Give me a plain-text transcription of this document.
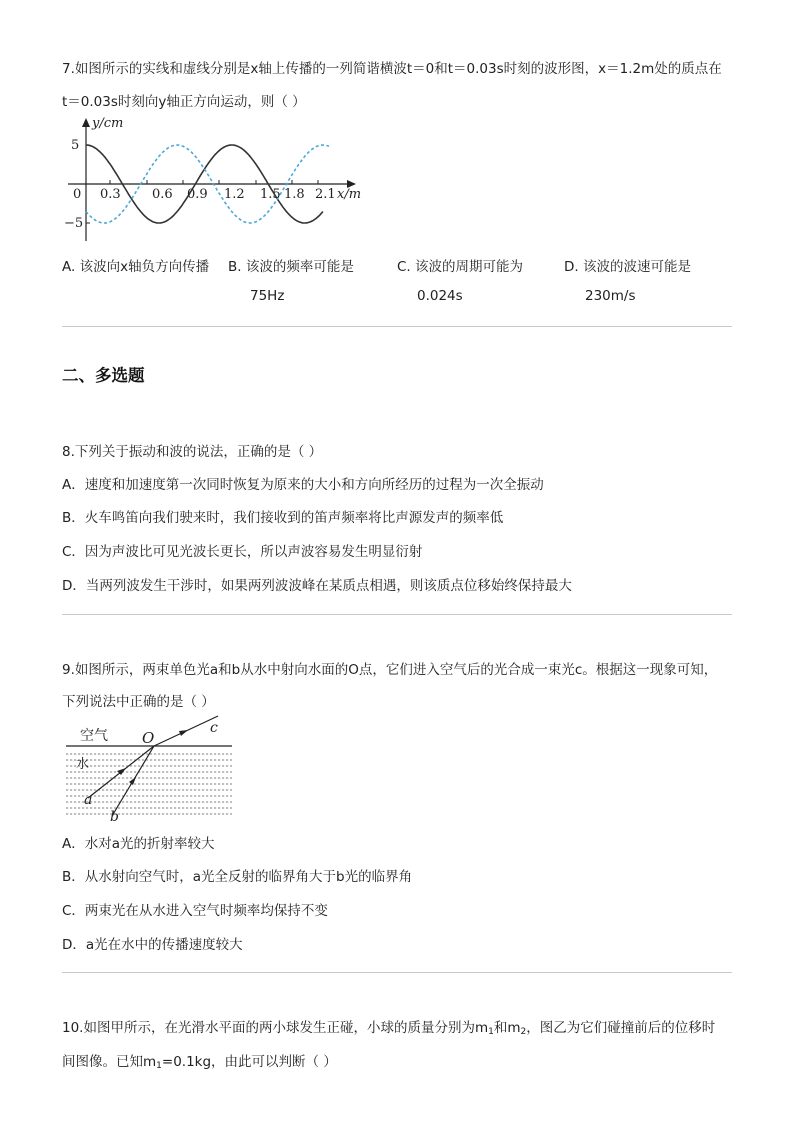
7.如图所示的实线和虚线分别是x轴上传播的一列简谐横波t＝0和t＝0.03s时刻的波形图，x＝1.2m处的质点在
t＝0.03s时刻向y轴正方向运动，则（ ）
y/cm
5
−5
0 0.3 0.6 0.9 1.2 1.5 1.8 2.1 x/m
A. 该波向x轴负方向传播 B. 该波的频率可能是
75Hz
C. 该波的周期可能为
0.024s
D. 该波的波速可能是
230m/s
二、多选题
8.下列关于振动和波的说法，正确的是（ ）
A．速度和加速度第一次同时恢复为原来的大小和方向所经历的过程为一次全振动
B．火车鸣笛向我们驶来时，我们接收到的笛声频率将比声源发声的频率低
C．因为声波比可见光波长更长，所以声波容易发生明显衍射
D．当两列波发生干涉时，如果两列波波峰在某质点相遇，则该质点位移始终保持最大
9.如图所示，两束单色光a和b从水中射向水面的O点，它们进入空气后的光合成一束光c。根据这一现象可知，
下列说法中正确的是（ ）
空气
水
O
a
b
c
A．水对a光的折射率较大
B．从水射向空气时，a光全反射的临界角大于b光的临界角
C．两束光在从水进入空气时频率均保持不变
D．a光在水中的传播速度较大
10.如图甲所示，在光滑水平面的两小球发生正碰，小球的质量分别为$m_1$和$m_2$，图乙为它们碰撞前后的位移时
间图像。已知$m_1=0.1kg$，由此可以判断（ ）
